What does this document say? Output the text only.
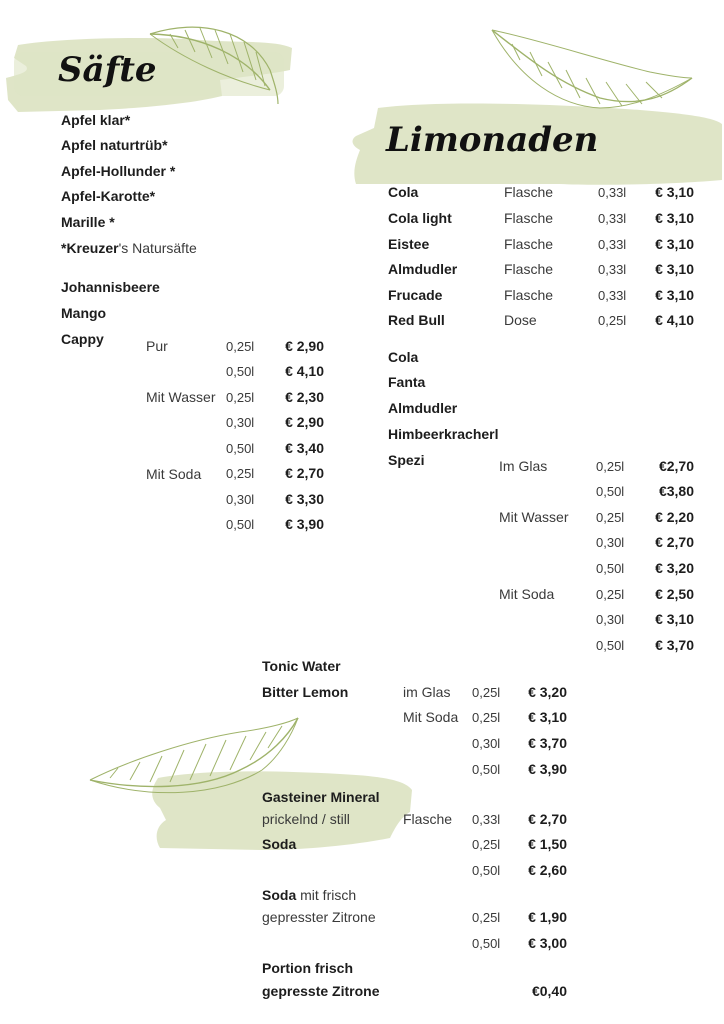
Säfte
Apfel klar*
Apfel naturtrüb*
Apfel-Hollunder *
Apfel-Karotte*
Marille *
*Kreuzer's Natursäfte
Johannisbeere
Mango
Cappy	Pur	0,25l	€ 2,90
0,50l	€ 4,10
Mit Wasser 0,25l	€ 2,30
0,30l	€ 2,90
0,50l	€ 3,40
Mit Soda 0,25l	€ 2,70
0,30l	€ 3,30
0,50l	€ 3,90
Limonaden
Cola	Flasche	0,33l	€ 3,10
Cola light	Flasche	0,33l	€ 3,10
Eistee	Flasche	0,33l	€ 3,10
Almdudler	Flasche	0,33l	€ 3,10
Frucade	Flasche	0,33l	€ 3,10
Red Bull	Dose	0,25l	€ 4,10
Cola
Fanta
Almdudler
Himbeerkracherl
Spezi	Im Glas	0,25l	€2,70
0,50l	€3,80
Mit Wasser 0,25l	€ 2,20
0,30l	€ 2,70
0,50l	€ 3,20
Mit Soda	0,25l	€ 2,50
0,30l	€ 3,10
0,50l	€ 3,70
Tonic Water
Bitter Lemon	im Glas 0,25l	€ 3,20
Mit Soda 0,25l	€ 3,10
0,30l	€ 3,70
0,50l	€ 3,90
Gasteiner Mineral
prickelnd / still	Flasche 0,33l	€ 2,70
Soda	0,25l	€ 1,50
0,50l	€ 2,60
Soda mit frisch
gepresster Zitrone	0,25l	€ 1,90
0,50l	€ 3,00
Portion frisch
gepresste Zitrone	€0,40
